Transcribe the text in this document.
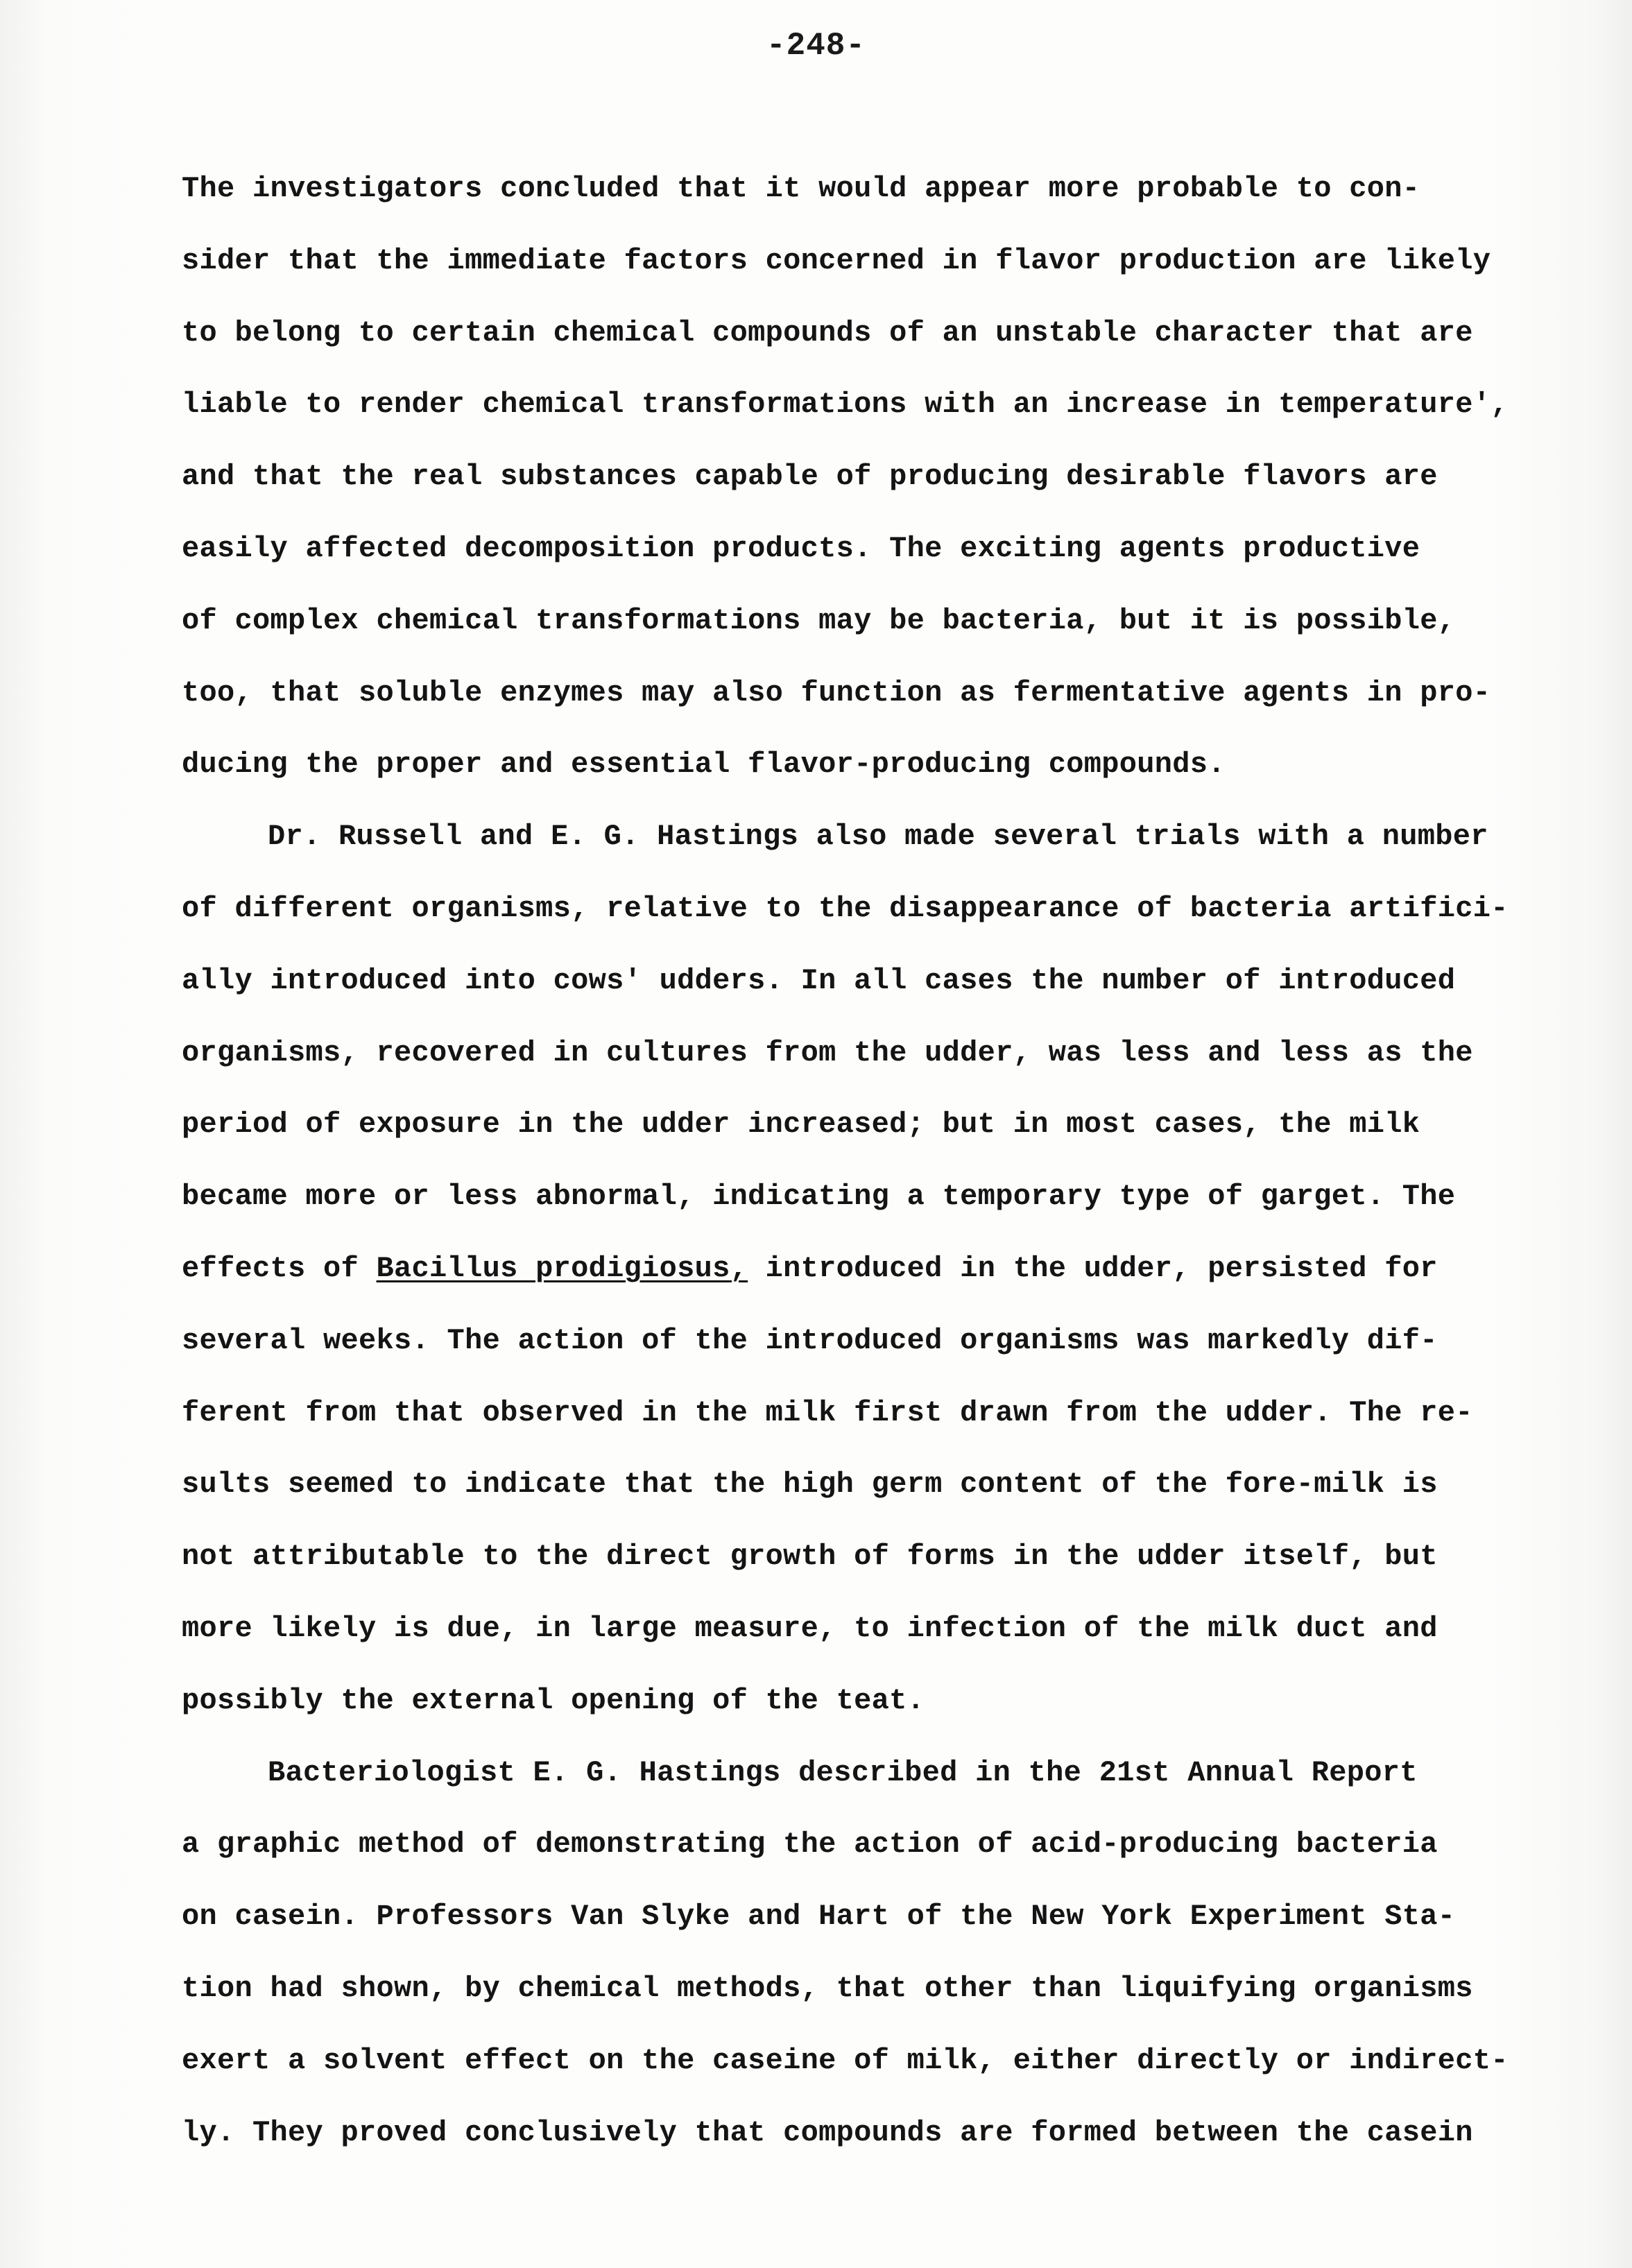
-248-
The investigators concluded that it would appear more probable to con-
sider that the immediate factors concerned in flavor production are likely
to belong to certain chemical compounds of an unstable character that are
liable to render chemical transformations with an increase in temperature',
and that the real substances capable of producing desirable flavors are
easily affected decomposition products. The exciting agents productive
of complex chemical transformations may be bacteria, but it is possible,
too, that soluble enzymes may also function as fermentative agents in pro-
ducing the proper and essential flavor-producing compounds.
Dr. Russell and E. G. Hastings also made several trials with a number
of different organisms, relative to the disappearance of bacteria artifici-
ally introduced into cows' udders. In all cases the number of introduced
organisms, recovered in cultures from the udder, was less and less as the
period of exposure in the udder increased; but in most cases, the milk
became more or less abnormal, indicating a temporary type of garget. The
effects of Bacillus prodigiosus, introduced in the udder, persisted for
several weeks. The action of the introduced organisms was markedly dif-
ferent from that observed in the milk first drawn from the udder. The re-
sults seemed to indicate that the high germ content of the fore-milk is
not attributable to the direct growth of forms in the udder itself, but
more likely is due, in large measure, to infection of the milk duct and
possibly the external opening of the teat.
Bacteriologist E. G. Hastings described in the 21st Annual Report
a graphic method of demonstrating the action of acid-producing bacteria
on casein. Professors Van Slyke and Hart of the New York Experiment Sta-
tion had shown, by chemical methods, that other than liquifying organisms
exert a solvent effect on the caseine of milk, either directly or indirect-
ly. They proved conclusively that compounds are formed between the casein
